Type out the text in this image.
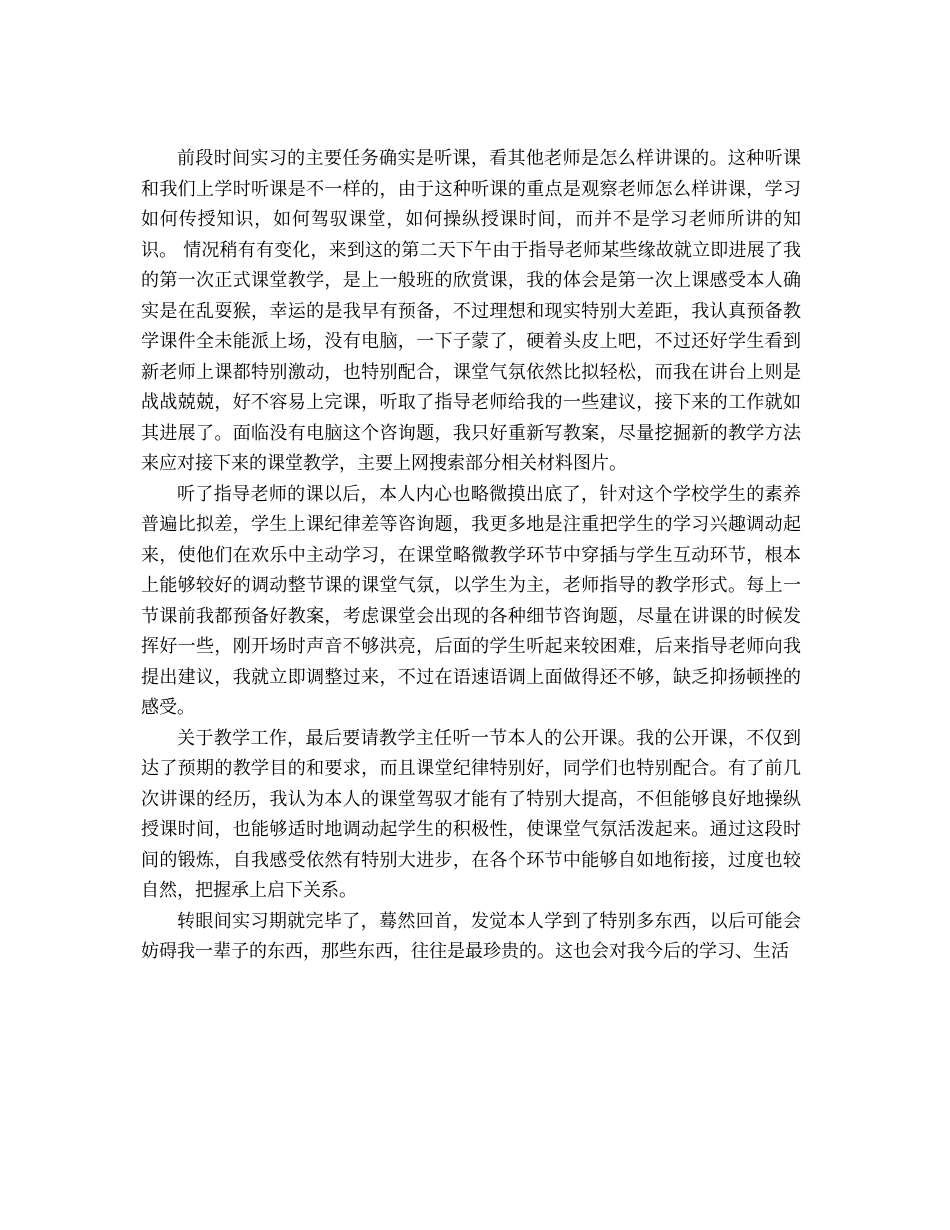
前段时间实习的主要任务确实是听课，看其他老师是怎么样讲课的。这种听课和我们上学时听课是不一样的，由于这种听课的重点是观察老师怎么样讲课，学习如何传授知识，如何驾驭课堂，如何操纵授课时间，而并不是学习老师所讲的知识。 情况稍有有变化，来到这的第二天下午由于指导老师某些缘故就立即进展了我的第一次正式课堂教学，是上一般班的欣赏课，我的体会是第一次上课感受本人确实是在乱耍猴，幸运的是我早有预备，不过理想和现实特别大差距，我认真预备教学课件全未能派上场，没有电脑，一下子蒙了，硬着头皮上吧，不过还好学生看到新老师上课都特别激动，也特别配合，课堂气氛依然比拟轻松，而我在讲台上则是战战兢兢，好不容易上完课，听取了指导老师给我的一些建议，接下来的工作就如其进展了。面临没有电脑这个咨询题，我只好重新写教案，尽量挖掘新的教学方法来应对接下来的课堂教学，主要上网搜索部分相关材料图片。

听了指导老师的课以后，本人内心也略微摸出底了，针对这个学校学生的素养普遍比拟差，学生上课纪律差等咨询题，我更多地是注重把学生的学习兴趣调动起来，使他们在欢乐中主动学习，在课堂略微教学环节中穿插与学生互动环节，根本上能够较好的调动整节课的课堂气氛，以学生为主，老师指导的教学形式。每上一节课前我都预备好教案，考虑课堂会出现的各种细节咨询题，尽量在讲课的时候发挥好一些，刚开场时声音不够洪亮，后面的学生听起来较困难，后来指导老师向我提出建议，我就立即调整过来，不过在语速语调上面做得还不够，缺乏抑扬顿挫的感受。

关于教学工作，最后要请教学主任听一节本人的公开课。我的公开课，不仅到达了预期的教学目的和要求，而且课堂纪律特别好，同学们也特别配合。有了前几次讲课的经历，我认为本人的课堂驾驭才能有了特别大提高，不但能够良好地操纵授课时间，也能够适时地调动起学生的积极性，使课堂气氛活泼起来。通过这段时间的锻炼，自我感受依然有特别大进步，在各个环节中能够自如地衔接，过度也较自然，把握承上启下关系。

转眼间实习期就完毕了，蓦然回首，发觉本人学到了特别多东西，以后可能会妨碍我一辈子的东西，那些东西，往往是最珍贵的。这也会对我今后的学习、生活
